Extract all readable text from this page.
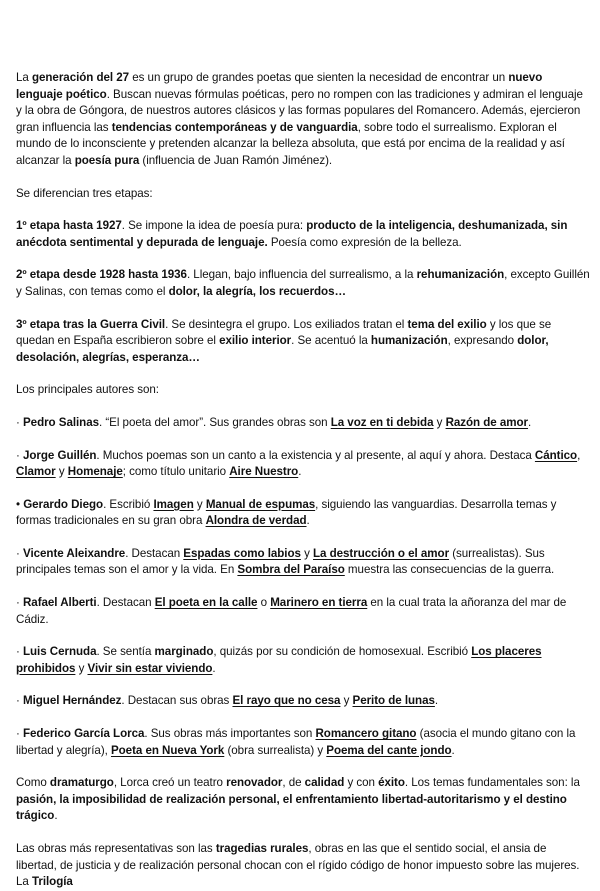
La generación del 27 es un grupo de grandes poetas que sienten la necesidad de encontrar un nuevo lenguaje poético. Buscan nuevas fórmulas poéticas, pero no rompen con las tradiciones y admiran el lenguaje y la obra de Góngora, de nuestros autores clásicos y las formas populares del Romancero. Además, ejercieron gran influencia las tendencias contemporáneas y de vanguardia, sobre todo el surrealismo. Exploran el mundo de lo inconsciente y pretenden alcanzar la belleza absoluta, que está por encima de la realidad y así alcanzar la poesía pura (influencia de Juan Ramón Jiménez).

Se diferencian tres etapas:

1º etapa hasta 1927. Se impone la idea de poesía pura: producto de la inteligencia, deshumanizada, sin anécdota sentimental y depurada de lenguaje. Poesía como expresión de la belleza.

2º etapa desde 1928 hasta 1936. Llegan, bajo influencia del surrealismo, a la rehumanización, excepto Guillén y Salinas, con temas como el dolor, la alegría, los recuerdos…

3º etapa tras la Guerra Civil. Se desintegra el grupo. Los exiliados tratan el tema del exilio y los que se quedan en España escribieron sobre el exilio interior. Se acentuó la humanización, expresando dolor, desolación, alegrías, esperanza…

Los principales autores son:

· Pedro Salinas. “El poeta del amor”. Sus grandes obras son La voz en ti debida y Razón de amor.

· Jorge Guillén. Muchos poemas son un canto a la existencia y al presente, al aquí y ahora. Destaca Cántico, Clamor y Homenaje; como título unitario Aire Nuestro.

• Gerardo Diego. Escribió Imagen y Manual de espumas, siguiendo las vanguardias. Desarrolla temas y formas tradicionales en su gran obra Alondra de verdad.

· Vicente Aleixandre. Destacan Espadas como labios y La destrucción o el amor (surrealistas). Sus principales temas son el amor y la vida. En Sombra del Paraíso muestra las consecuencias de la guerra.

· Rafael Alberti. Destacan El poeta en la calle o Marinero en tierra en la cual trata la añoranza del mar de Cádiz.

· Luis Cernuda. Se sentía marginado, quizás por su condición de homosexual. Escribió Los placeres prohibidos y Vivir sin estar viviendo.

· Miguel Hernández. Destacan sus obras El rayo que no cesa y Perito de lunas.

· Federico García Lorca. Sus obras más importantes son Romancero gitano (asocia el mundo gitano con la libertad y alegría), Poeta en Nueva York (obra surrealista) y Poema del cante jondo.

Como dramaturgo, Lorca creó un teatro renovador, de calidad y con éxito. Los temas fundamentales son: la pasión, la imposibilidad de realización personal, el enfrentamiento libertad-autoritarismo y el destino trágico.

Las obras más representativas son las tragedias rurales, obras en las que el sentido social, el ansia de libertad, de justicia y de realización personal chocan con el rígido código de honor impuesto sobre las mujeres. La Trilogía
